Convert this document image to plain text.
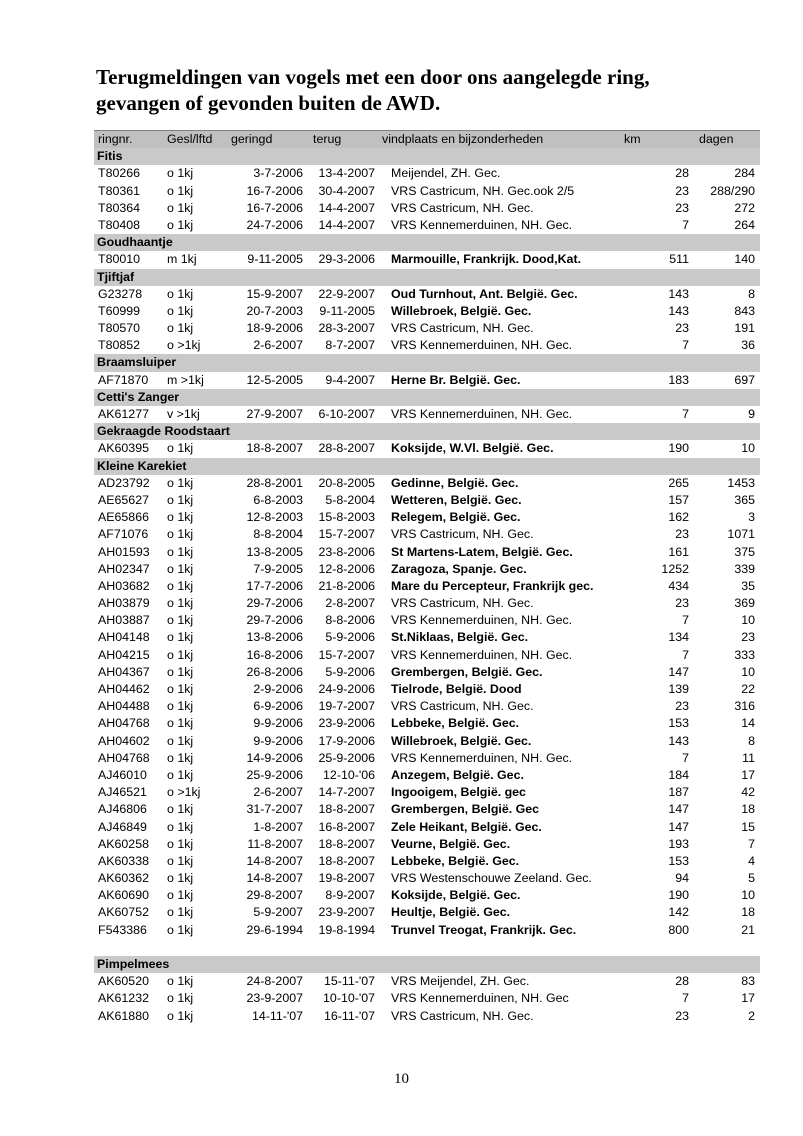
Terugmeldingen van vogels met een door ons aangelegde ring,
gevangen of gevonden buiten de AWD.
ringnr.	Gesl/lftd geringd	terug	vindplaats en bijzonderheden	km	dagen
Fitis
T80266 o 1kj	3-7-2006 13-4-2007 Meijendel, ZH. Gec.	28	284
T80361 o 1kj	16-7-2006 30-4-2007 VRS Castricum, NH. Gec.ook 2/5	23 288/290
T80364 o 1kj	16-7-2006 14-4-2007 VRS Castricum, NH. Gec.	23	272
T80408 o 1kj	24-7-2006 14-4-2007 VRS Kennemerduinen, NH. Gec.	7	264
Goudhaantje
T80010 m 1kj	9-11-2005 29-3-2006 Marmouille, Frankrijk. Dood,Kat.	511	140
Tjiftjaf
G23278 o 1kj	15-9-2007 22-9-2007 Oud Turnhout, Ant. België. Gec.	143	8
T60999 o 1kj	20-7-2003 9-11-2005 Willebroek, België. Gec.	143	843
T80570 o 1kj	18-9-2006 28-3-2007 VRS Castricum, NH. Gec.	23	191
T80852 o >1kj	2-6-2007 8-7-2007 VRS Kennemerduinen, NH. Gec.	7	36
Braamsluiper
AF71870 m >1kj	12-5-2005 9-4-2007 Herne Br. België. Gec.	183	697
Cetti's Zanger
AK61277 v >1kj	27-9-2007 6-10-2007 VRS Kennemerduinen, NH. Gec.	7	9
Gekraagde Roodstaart
AK60395 o 1kj	18-8-2007 28-8-2007 Koksijde, W.Vl. België. Gec.	190	10
Kleine Karekiet
AD23792 o 1kj	28-8-2001 20-8-2005 Gedinne, België. Gec.	265	1453
AE65627 o 1kj	6-8-2003 5-8-2004 Wetteren, België. Gec.	157	365
AE65866 o 1kj	12-8-2003 15-8-2003 Relegem, België. Gec.	162	3
AF71076 o 1kj	8-8-2004 15-7-2007 VRS Castricum, NH. Gec.	23	1071
AH01593 o 1kj	13-8-2005 23-8-2006 St Martens-Latem, België. Gec.	161	375
AH02347 o 1kj	7-9-2005 12-8-2006 Zaragoza, Spanje. Gec.	1252	339
AH03682 o 1kj	17-7-2006 21-8-2006 Mare du Percepteur, Frankrijk gec.	434	35
AH03879 o 1kj	29-7-2006 2-8-2007 VRS Castricum, NH. Gec.	23	369
AH03887 o 1kj	29-7-2006 8-8-2006 VRS Kennemerduinen, NH. Gec.	7	10
AH04148 o 1kj	13-8-2006 5-9-2006 St.Niklaas, België. Gec.	134	23
AH04215 o 1kj	16-8-2006 15-7-2007 VRS Kennemerduinen, NH. Gec.	7	333
AH04367 o 1kj	26-8-2006 5-9-2006 Grembergen, België. Gec.	147	10
AH04462 o 1kj	2-9-2006 24-9-2006 Tielrode, België. Dood	139	22
AH04488 o 1kj	6-9-2006 19-7-2007 VRS Castricum, NH. Gec.	23	316
AH04768 o 1kj	9-9-2006 23-9-2006 Lebbeke, België. Gec.	153	14
AH04602 o 1kj	9-9-2006 17-9-2006 Willebroek, België. Gec.	143	8
AH04768 o 1kj	14-9-2006 25-9-2006 VRS Kennemerduinen, NH. Gec.	7	11
AJ46010 o 1kj	25-9-2006 12-10-'06 Anzegem, België. Gec.	184	17
AJ46521 o >1kj	2-6-2007 14-7-2007 Ingooigem, België. gec	187	42
AJ46806 o 1kj	31-7-2007 18-8-2007 Grembergen, België. Gec	147	18
AJ46849 o 1kj	1-8-2007 16-8-2007 Zele Heikant, België. Gec.	147	15
AK60258 o 1kj	11-8-2007 18-8-2007 Veurne, België. Gec.	193	7
AK60338 o 1kj	14-8-2007 18-8-2007 Lebbeke, België. Gec.	153	4
AK60362 o 1kj	14-8-2007 19-8-2007 VRS Westenschouwe Zeeland. Gec.	94	5
AK60690 o 1kj	29-8-2007 8-9-2007 Koksijde, België. Gec.	190	10
AK60752 o 1kj	5-9-2007 23-9-2007 Heultje, België. Gec.	142	18
F543386 o 1kj	29-6-1994 19-8-1994 Trunvel Treogat, Frankrijk. Gec.	800	21
Pimpelmees
AK60520 o 1kj	24-8-2007 15-11-'07 VRS Meijendel, ZH. Gec.	28	83
AK61232 o 1kj	23-9-2007 10-10-'07 VRS Kennemerduinen, NH. Gec	7	17
AK61880 o 1kj	14-11-'07 16-11-'07 VRS Castricum, NH. Gec.	23	2
10
